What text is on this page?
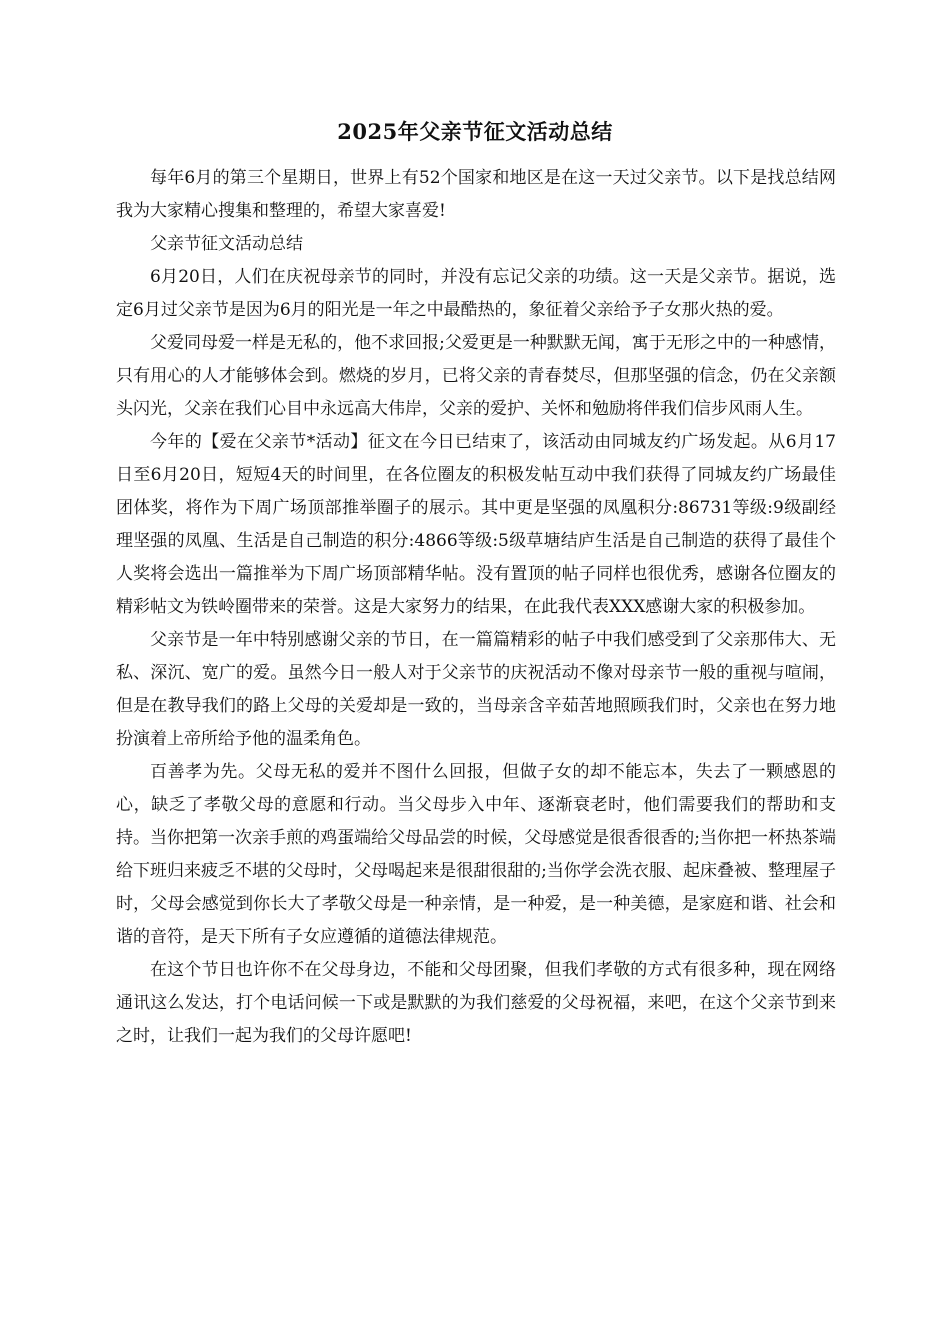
2025年父亲节征文活动总结

每年6月的第三个星期日，世界上有52个国家和地区是在这一天过父亲节。以下是找总结网我为大家精心搜集和整理的，希望大家喜爱!

父亲节征文活动总结

6月20日，人们在庆祝母亲节的同时，并没有忘记父亲的功绩。这一天是父亲节。据说，选定6月过父亲节是因为6月的阳光是一年之中最酷热的，象征着父亲给予子女那火热的爱。

父爱同母爱一样是无私的，他不求回报;父爱更是一种默默无闻，寓于无形之中的一种感情，只有用心的人才能够体会到。燃烧的岁月，已将父亲的青春焚尽，但那坚强的信念，仍在父亲额头闪光，父亲在我们心目中永远高大伟岸，父亲的爱护、关怀和勉励将伴我们信步风雨人生。

今年的【爱在父亲节*活动】征文在今日已结束了，该活动由同城友约广场发起。从6月17日至6月20日，短短4天的时间里，在各位圈友的积极发帖互动中我们获得了同城友约广场最佳团体奖，将作为下周广场顶部推举圈子的展示。其中更是坚强的凤凰积分:86731等级:9级副经理坚强的凤凰、生活是自己制造的积分:4866等级:5级草塘结庐生活是自己制造的获得了最佳个人奖将会选出一篇推举为下周广场顶部精华帖。没有置顶的帖子同样也很优秀，感谢各位圈友的精彩帖文为铁岭圈带来的荣誉。这是大家努力的结果，在此我代表XXX感谢大家的积极参加。

父亲节是一年中特别感谢父亲的节日，在一篇篇精彩的帖子中我们感受到了父亲那伟大、无私、深沉、宽广的爱。虽然今日一般人对于父亲节的庆祝活动不像对母亲节一般的重视与喧闹，但是在教导我们的路上父母的关爱却是一致的，当母亲含辛茹苦地照顾我们时，父亲也在努力地扮演着上帝所给予他的温柔角色。

百善孝为先。父母无私的爱并不图什么回报，但做子女的却不能忘本，失去了一颗感恩的心，缺乏了孝敬父母的意愿和行动。当父母步入中年、逐渐衰老时，他们需要我们的帮助和支持。当你把第一次亲手煎的鸡蛋端给父母品尝的时候，父母感觉是很香很香的;当你把一杯热茶端给下班归来疲乏不堪的父母时，父母喝起来是很甜很甜的;当你学会洗衣服、起床叠被、整理屋子时，父母会感觉到你长大了孝敬父母是一种亲情，是一种爱，是一种美德，是家庭和谐、社会和谐的音符，是天下所有子女应遵循的道德法律规范。

在这个节日也许你不在父母身边，不能和父母团聚，但我们孝敬的方式有很多种，现在网络通讯这么发达，打个电话问候一下或是默默的为我们慈爱的父母祝福，来吧，在这个父亲节到来之时，让我们一起为我们的父母许愿吧!
